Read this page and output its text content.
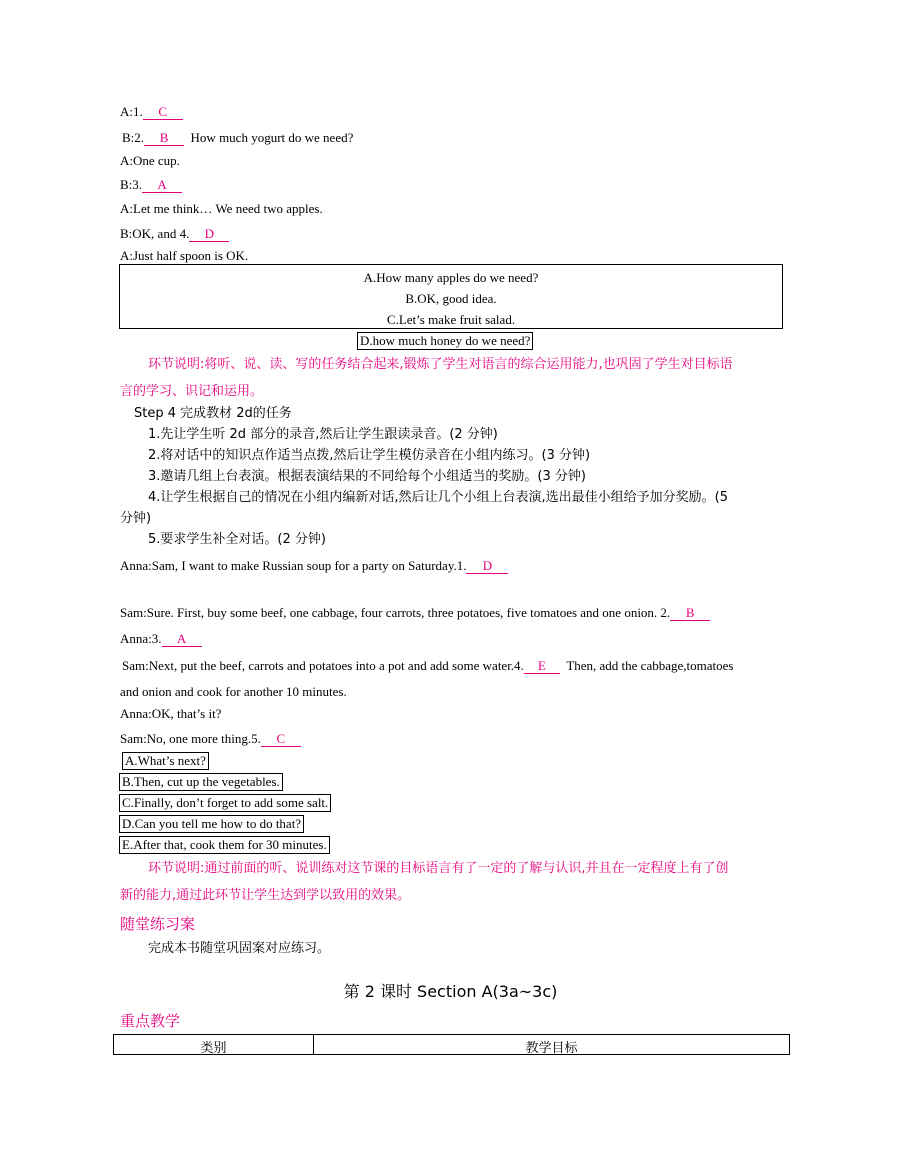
A:1. C
B:2. B How much yogurt do we need?
A:One cup.
B:3. A
A:Let me think… We need two apples.
B:OK, and 4. D
A:Just half spoon is OK.
A.How many apples do we need?
B.OK, good idea.
C.Let’s make fruit salad.
D.how much honey do we need?
环节说明:将听、说、读、写的任务结合起来,锻炼了学生对语言的综合运用能力,也巩固了学生对目标语
言的学习、识记和运用。
Step 4 完成教材 2d的任务
1.先让学生听 2d 部分的录音,然后让学生跟读录音。(2 分钟)
2.将对话中的知识点作适当点拨,然后让学生模仿录音在小组内练习。(3 分钟)
3.邀请几组上台表演。根据表演结果的不同给每个小组适当的奖励。(3 分钟)
4.让学生根据自己的情况在小组内编新对话,然后让几个小组上台表演,选出最佳小组给予加分奖励。(5
分钟)
5.要求学生补全对话。(2 分钟)
Anna:Sam, I want to make Russian soup for a party on Saturday.1. D
Sam:Sure. First, buy some beef, one cabbage, four carrots, three potatoes, five tomatoes and one onion. 2. B
Anna:3. A
Sam:Next, put the beef, carrots and potatoes into a pot and add some water.4. E Then, add the cabbage,tomatoes
and onion and cook for another 10 minutes.
Anna:OK, that’s it?
Sam:No, one more thing.5. C
A.What’s next?
B.Then, cut up the vegetables.
C.Finally, don’t forget to add some salt.
D.Can you tell me how to do that?
E.After that, cook them for 30 minutes.
环节说明:通过前面的听、说训练对这节课的目标语言有了一定的了解与认识,并且在一定程度上有了创
新的能力,通过此环节让学生达到学以致用的效果。
随堂练习案
完成本书随堂巩固案对应练习。
第 2 课时 Section A(3a~3c)
重点教学
类别	教学目标
